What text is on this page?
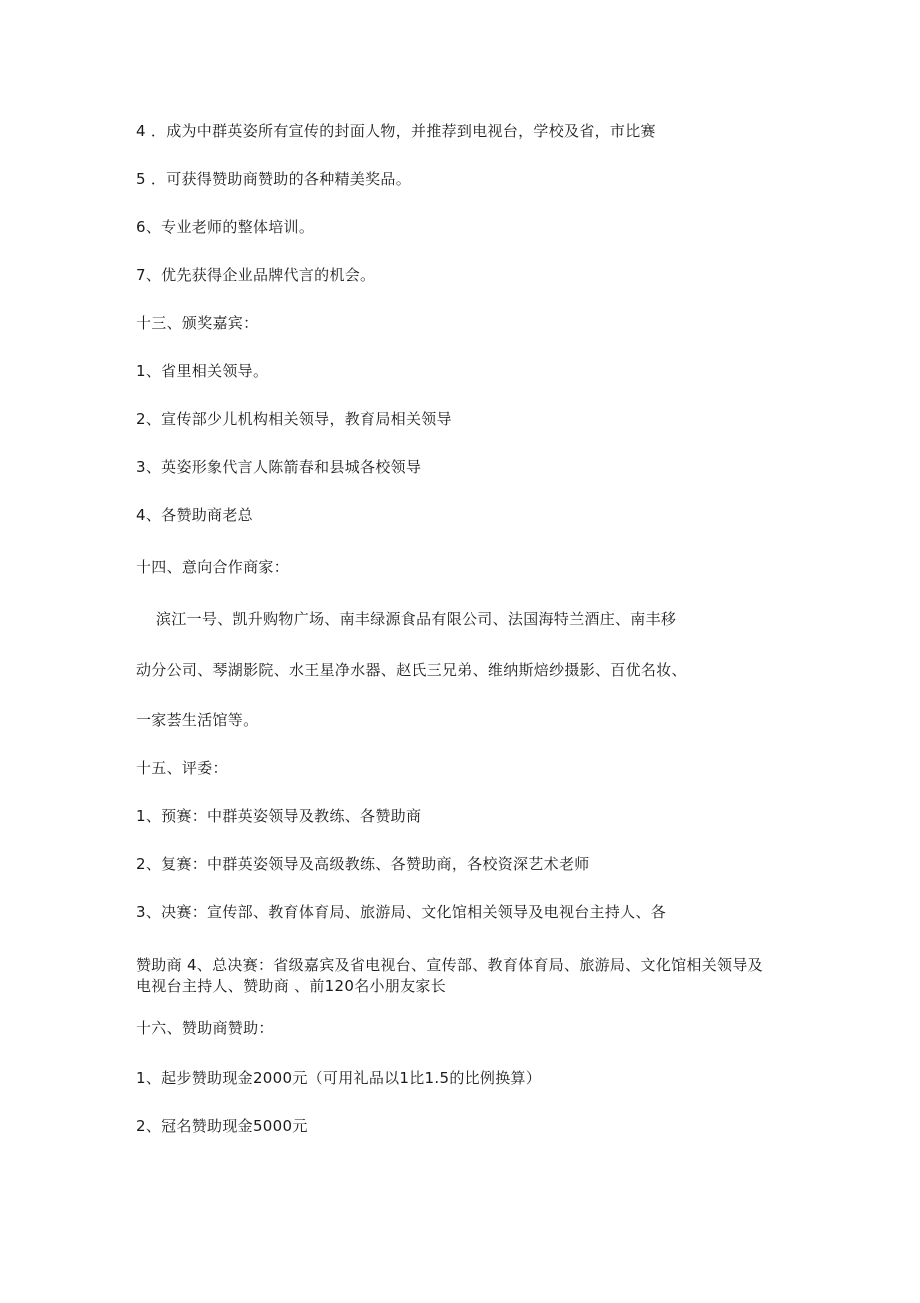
4 ．成为中群英姿所有宣传的封面人物，并推荐到电视台，学校及省，市比赛
5 ．可获得赞助商赞助的各种精美奖品。
6、专业老师的整体培训。
7、优先获得企业品牌代言的机会。
十三、颁奖嘉宾：
1、省里相关领导。
2、宣传部少儿机构相关领导，教育局相关领导
3、英姿形象代言人陈箭春和县城各校领导
4、各赞助商老总
十四、意向合作商家：
滨江一号、凯升购物广场、南丰绿源食品有限公司、法国海特兰酒庄、南丰移
动分公司、琴湖影院、水王星净水器、赵氏三兄弟、维纳斯焙纱摄影、百优名妆、
一家荟生活馆等。
十五、评委：
1、预赛：中群英姿领导及教练、各赞助商
2、复赛：中群英姿领导及高级教练、各赞助商，各校资深艺术老师
3、决赛：宣传部、教育体育局、旅游局、文化馆相关领导及电视台主持人、各
赞助商 4、总决赛：省级嘉宾及省电视台、宣传部、教育体育局、旅游局、文化馆相关领导及电视台主持人、赞助商 、前120名小朋友家长
十六、赞助商赞助：
1、起步赞助现金2000元（可用礼品以1比1.5的比例换算）
2、冠名赞助现金5000元
